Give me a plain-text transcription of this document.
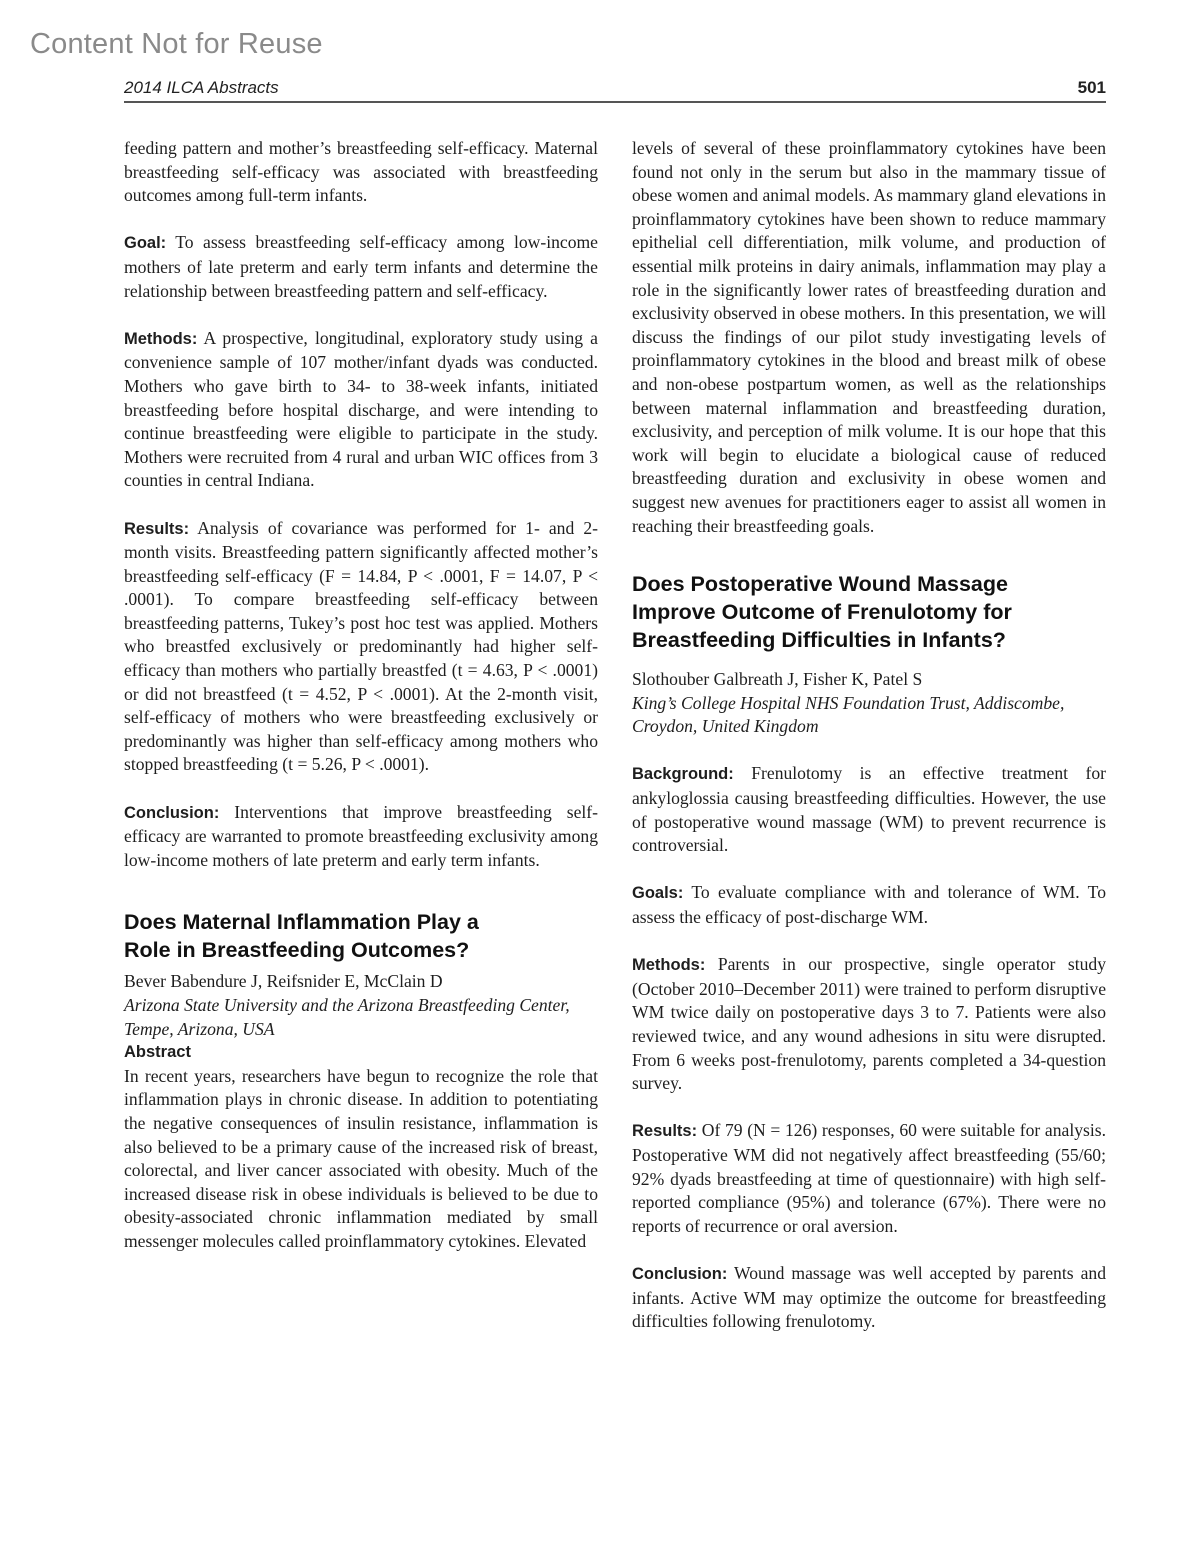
Content Not for Reuse
2014 ILCA Abstracts	501

feeding pattern and mother’s breastfeeding self-efficacy. Maternal breastfeeding self-efficacy was associated with breastfeeding outcomes among full-term infants.

Goal: To assess breastfeeding self-efficacy among low-income mothers of late preterm and early term infants and determine the relationship between breastfeeding pattern and self-efficacy.

Methods: A prospective, longitudinal, exploratory study using a convenience sample of 107 mother/infant dyads was conducted. Mothers who gave birth to 34- to 38-week infants, initiated breastfeeding before hospital discharge, and were intending to continue breastfeeding were eligible to participate in the study. Mothers were recruited from 4 rural and urban WIC offices from 3 counties in central Indiana.

Results: Analysis of covariance was performed for 1- and 2-month visits. Breastfeeding pattern significantly affected mother’s breastfeeding self-efficacy (F = 14.84, P < .0001, F = 14.07, P < .0001). To compare breastfeeding self-efficacy between breastfeeding patterns, Tukey’s post hoc test was applied. Mothers who breastfed exclusively or predominantly had higher self-efficacy than mothers who partially breastfed (t = 4.63, P < .0001) or did not breastfeed (t = 4.52, P < .0001). At the 2-month visit, self-efficacy of mothers who were breastfeeding exclusively or predominantly was higher than self-efficacy among mothers who stopped breastfeeding (t = 5.26, P < .0001).

Conclusion: Interventions that improve breastfeeding self-efficacy are warranted to promote breastfeeding exclusivity among low-income mothers of late preterm and early term infants.

Does Maternal Inflammation Play a
Role in Breastfeeding Outcomes?

Bever Babendure J, Reifsnider E, McClain D

Arizona State University and the Arizona Breastfeeding Center, Tempe, Arizona, USA

Abstract

In recent years, researchers have begun to recognize the role that inflammation plays in chronic disease. In addition to potentiating the negative consequences of insulin resistance, inflammation is also believed to be a primary cause of the increased risk of breast, colorectal, and liver cancer associated with obesity. Much of the increased disease risk in obese individuals is believed to be due to obesity-associated chronic inflammation mediated by small messenger molecules called proinflammatory cytokines. Elevated

levels of several of these proinflammatory cytokines have been found not only in the serum but also in the mammary tissue of obese women and animal models. As mammary gland elevations in proinflammatory cytokines have been shown to reduce mammary epithelial cell differentiation, milk volume, and production of essential milk proteins in dairy animals, inflammation may play a role in the significantly lower rates of breastfeeding duration and exclusivity observed in obese mothers. In this presentation, we will discuss the findings of our pilot study investigating levels of proinflammatory cytokines in the blood and breast milk of obese and non-obese postpartum women, as well as the relationships between maternal inflammation and breastfeeding duration, exclusivity, and perception of milk volume. It is our hope that this work will begin to elucidate a biological cause of reduced breastfeeding duration and exclusivity in obese women and suggest new avenues for practitioners eager to assist all women in reaching their breastfeeding goals.

Does Postoperative Wound Massage
Improve Outcome of Frenulotomy for
Breastfeeding Difficulties in Infants?

Slothouber Galbreath J, Fisher K, Patel S

King’s College Hospital NHS Foundation Trust, Addiscombe, Croydon, United Kingdom

Background: Frenulotomy is an effective treatment for ankyloglossia causing breastfeeding difficulties. However, the use of postoperative wound massage (WM) to prevent recurrence is controversial.

Goals: To evaluate compliance with and tolerance of WM. To assess the efficacy of post-discharge WM.

Methods: Parents in our prospective, single operator study (October 2010–December 2011) were trained to perform disruptive WM twice daily on postoperative days 3 to 7. Patients were also reviewed twice, and any wound adhesions in situ were disrupted. From 6 weeks post-frenulotomy, parents completed a 34-question survey.

Results: Of 79 (N = 126) responses, 60 were suitable for analysis. Postoperative WM did not negatively affect breastfeeding (55/60; 92% dyads breastfeeding at time of questionnaire) with high self-reported compliance (95%) and tolerance (67%). There were no reports of recurrence or oral aversion.

Conclusion: Wound massage was well accepted by parents and infants. Active WM may optimize the outcome for breastfeeding difficulties following frenulotomy.
